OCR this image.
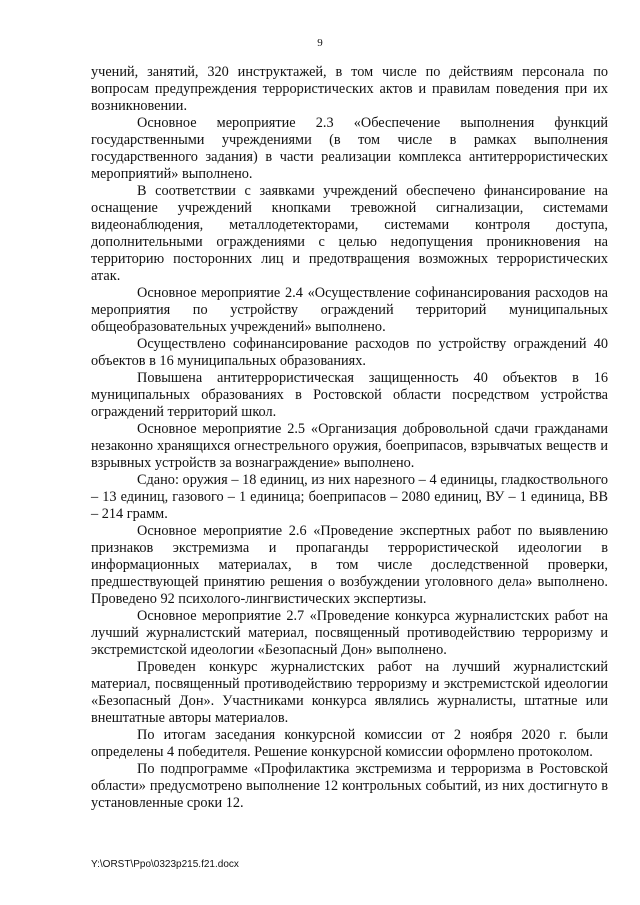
9

учений, занятий, 320 инструктажей, в том числе по действиям персонала по вопросам предупреждения террористических актов и правилам поведения при их возникновении.

Основное мероприятие 2.3 «Обеспечение выполнения функций государственными учреждениями (в том числе в рамках выполнения государственного задания) в части реализации комплекса антитеррористических мероприятий» выполнено.

В соответствии с заявками учреждений обеспечено финансирование на оснащение учреждений кнопками тревожной сигнализации, системами видеонаблюдения, металлодетекторами, системами контроля доступа, дополнительными ограждениями с целью недопущения проникновения на территорию посторонних лиц и предотвращения возможных террористических атак.

Основное мероприятие 2.4 «Осуществление софинансирования расходов на мероприятия по устройству ограждений территорий муниципальных общеобразовательных учреждений» выполнено.

Осуществлено софинансирование расходов по устройству ограждений 40 объектов в 16 муниципальных образованиях.

Повышена антитеррористическая защищенность 40 объектов в 16 муниципальных образованиях в Ростовской области посредством устройства ограждений территорий школ.

Основное мероприятие 2.5 «Организация добровольной сдачи гражданами незаконно хранящихся огнестрельного оружия, боеприпасов, взрывчатых веществ и взрывных устройств за вознаграждение» выполнено.

Сдано: оружия – 18 единиц, из них нарезного – 4 единицы, гладкоствольного – 13 единиц, газового – 1 единица; боеприпасов – 2080 единиц, ВУ – 1 единица, ВВ – 214 грамм.

Основное мероприятие 2.6 «Проведение экспертных работ по выявлению признаков экстремизма и пропаганды террористической идеологии в информационных материалах, в том числе доследственной проверки, предшествующей принятию решения о возбуждении уголовного дела» выполнено. Проведено 92 психолого-лингвистических экспертизы.

Основное мероприятие 2.7 «Проведение конкурса журналистских работ на лучший журналистский материал, посвященный противодействию терроризму и экстремистской идеологии «Безопасный Дон» выполнено.

Проведен конкурс журналистских работ на лучший журналистский материал, посвященный противодействию терроризму и экстремистской идеологии «Безопасный Дон». Участниками конкурса являлись журналисты, штатные или внештатные авторы материалов.

По итогам заседания конкурсной комиссии от 2 ноября 2020 г. были определены 4 победителя. Решение конкурсной комиссии оформлено протоколом.

По подпрограмме «Профилактика экстремизма и терроризма в Ростовской области» предусмотрено выполнение 12 контрольных событий, из них достигнуто в установленные сроки 12.

Y:\ORST\Ppo\0323p215.f21.docx
